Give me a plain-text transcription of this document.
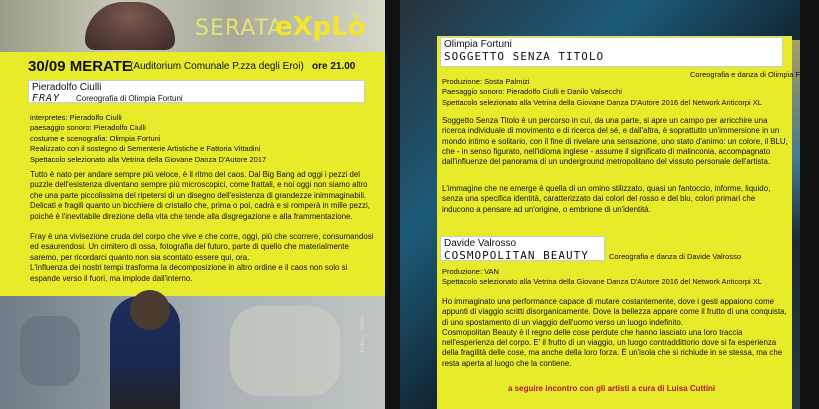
SERATA
eXpLò
30/09 MERATE
(Auditorium Comunale P.zza degli Eroi) ore 21.00
Pieradolfo Ciulli
FRAY Coreografia di Olimpia Fortuni
interpretes: Pieradolfo Ciulli
paesaggio sonoro: Pieradolfo Ciulli
costume e scenografia: Olimpia Fortuni
Realizzato con il sostegno di Sementerie Artistiche e Fattoria Vittadini
Spettacolo selezionato alla Vetrina della Giovane Danza D'Autore 2017

Tutto è nato per andare sempre più veloce, è il ritmo del caos. Dal Big Bang ad oggi i pezzi del puzzle dell'esistenza diventano sempre più microscopici, come frattali, e noi oggi non siamo altro che una parte piccolissima del ripetersi di un disegno dell'esistenza di grandezze inimmaginabili.

Delicati e fragili quanto un bicchiere di cristallo che, prima o poi, cadrà e si romperà in mille pezzi, poiché è l'inevitabile direzione della vita che tende alla disgregazione e alla frammentazione.

Fray è una vivisezione cruda del corpo che vive e che corre, oggi, più che scorrere, consumandosi ed esaurendosi. Un cimitero di ossa, fotografia del futuro, parte di quello che materialmente saremo, per ricordarci quanto non sia scontato essere qui, ora.

L'influenza dei nostri tempi trasforma la decomposizione in altro ordine e il caos non solo si espande verso il fuori, ma implode dall'interno.

Foto © Stella
Olimpia Fortuni
SOGGETTO SENZA TITOLO
Coreografia e danza di Olimpia Fortuni
Produzione: Sosta Palmizi
Paesaggio sonoro: Pieradolfo Ciulli e Danilo Valsecchi
Spettacolo selezionato alla Vetrina della Giovane Danza D'Autore 2016 del Network Anticorpi XL

Soggetto Senza Titolo è un percorso in cui, da una parte, si apre un campo per arricchire una ricerca individuale di movimento e di ricerca del sé, e dall'altra, è soprattutto un'immersione in un mondo intimo e solitario, con il fine di rivelare una sensazione, uno stato d'animo: un colore, il BLU, che - in senso figurato, nell'idioma inglese - assume il significato di malinconia, accompagnato dall'influenze del panorama di un underground metropolitano del vissuto personale dell'artista.

L'immagine che ne emerge è quella di un omino stilizzato, quasi un fantoccio, informe, liquido, senza una specifica identità, caratterizzato dai colori del rosso e del blu, colori primari che inducono a pensare ad un'origine, o embrione di un'identità.

Davide Valrosso
COSMOPOLITAN BEAUTY	Coreografia e danza di Davide Valrosso
Produzione: VAN
Spettacolo selezionato alla Vetrina della Giovane Danza D'Autore 2016 del Network Anticorpi XL

Ho immaginato una performance capace di mutare costantemente, dove i gesti appaiono come appunti di viaggio scritti disorganicamente. Dove la bellezza appare come il frutto di una conquista, di uno spostamento di un viaggio dell'uomo verso un luogo indefinito.

Cosmopolitan Beauty è il regno delle cose perdute che hanno lasciato una loro traccia nell'esperienza del corpo. E' il frutto di un viaggio, un luogo contraddittorio dove si fa esperienza della fragilità delle cose, ma anche della loro forza. È un'isola che si richiude in se stessa, ma che resta aperta al luogo che la contiene.

a seguire incontro con gli artisti a cura di Luisa Cuttini
